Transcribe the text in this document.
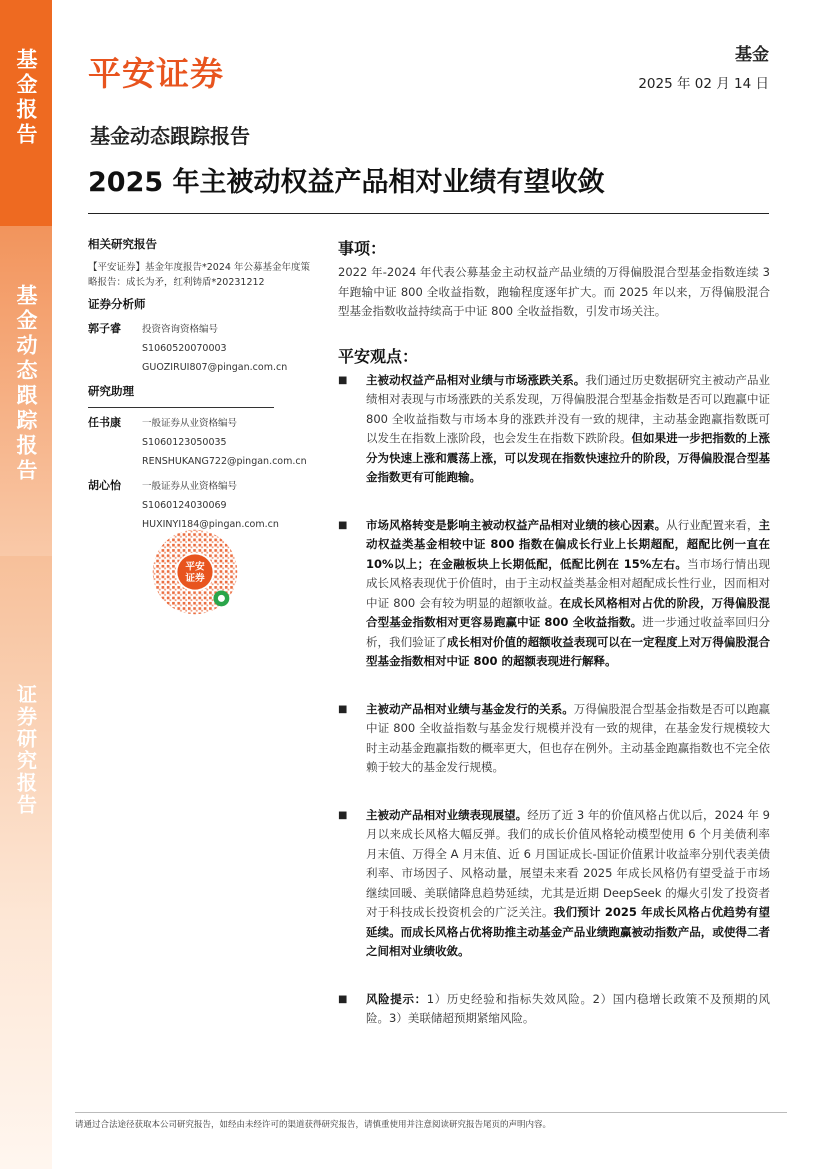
基金报告
基金动态跟踪报告
证券研究报告
平安证券	基金
2025 年 02 月 14 日
基金动态跟踪报告
2025 年主被动权益产品相对业绩有望收敛
相关研究报告
【平安证券】基金年度报告*2024 年公募基金年度策略报告：成长为矛，红利铸盾*20231212
证券分析师
郭子睿	投资咨询资格编号
S1060520070003
GUOZIRUI807@pingan.com.cn
研究助理
任书康	一般证券从业资格编号
S1060123050035
RENSHUKANG722@pingan.com.cn
胡心怡	一般证券从业资格编号
S1060124030069
HUXINYI184@pingan.com.cn
平安
证券
事项：
2022 年-2024 年代表公募基金主动权益产品业绩的万得偏股混合型基金指数连续 3 年跑输中证 800 全收益指数，跑输程度逐年扩大。而 2025 年以来，万得偏股混合型基金指数收益持续高于中证 800 全收益指数，引发市场关注。
平安观点：
■	主被动权益产品相对业绩与市场涨跌关系。我们通过历史数据研究主被动产品业绩相对表现与市场涨跌的关系发现，万得偏股混合型基金指数是否可以跑赢中证 800 全收益指数与市场本身的涨跌并没有一致的规律，主动基金跑赢指数既可以发生在指数上涨阶段，也会发生在指数下跌阶段。但如果进一步把指数的上涨分为快速上涨和震荡上涨，可以发现在指数快速拉升的阶段，万得偏股混合型基金指数更有可能跑输。
■	市场风格转变是影响主被动权益产品相对业绩的核心因素。从行业配置来看，主动权益类基金相较中证 800 指数在偏成长行业上长期超配，超配比例一直在 10%以上；在金融板块上长期低配，低配比例在 15%左右。当市场行情出现成长风格表现优于价值时，由于主动权益类基金相对超配成长性行业，因而相对中证 800 会有较为明显的超额收益。在成长风格相对占优的阶段，万得偏股混合型基金指数相对更容易跑赢中证 800 全收益指数。进一步通过收益率回归分析，我们验证了成长相对价值的超额收益表现可以在一定程度上对万得偏股混合型基金指数相对中证 800 的超额表现进行解释。
■	主被动产品相对业绩与基金发行的关系。万得偏股混合型基金指数是否可以跑赢中证 800 全收益指数与基金发行规模并没有一致的规律，在基金发行规模较大时主动基金跑赢指数的概率更大，但也存在例外。主动基金跑赢指数也不完全依赖于较大的基金发行规模。
■	主被动产品相对业绩表现展望。经历了近 3 年的价值风格占优以后，2024 年 9 月以来成长风格大幅反弹。我们的成长价值风格轮动模型使用 6 个月美债利率月末值、万得全 A 月末值、近 6 月国证成长-国证价值累计收益率分别代表美债利率、市场因子、风格动量，展望未来看 2025 年成长风格仍有望受益于市场继续回暖、美联储降息趋势延续，尤其是近期 DeepSeek 的爆火引发了投资者对于科技成长投资机会的广泛关注。我们预计 2025 年成长风格占优趋势有望延续。而成长风格占优将助推主动基金产品业绩跑赢被动指数产品，或使得二者之间相对业绩收敛。
■	风险提示：1）历史经验和指标失效风险。2）国内稳增长政策不及预期的风险。3）美联储超预期紧缩风险。
请通过合法途径获取本公司研究报告，如经由未经许可的渠道获得研究报告，请慎重使用并注意阅读研究报告尾页的声明内容。
